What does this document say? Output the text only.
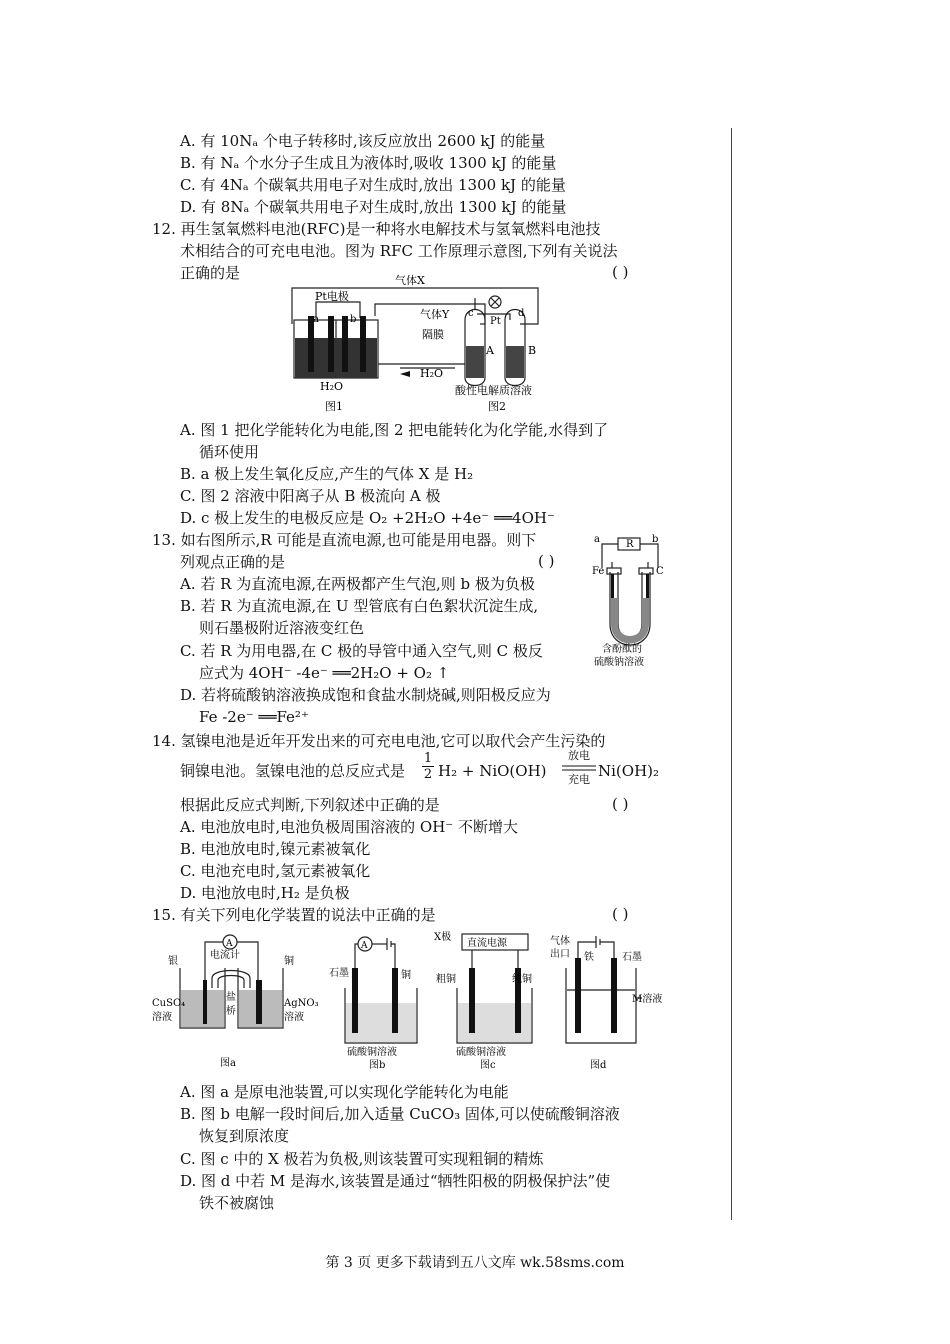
A. 有 10Nₐ 个电子转移时,该反应放出 2600 kJ 的能量
B. 有 Nₐ 个水分子生成且为液体时,吸收 1300 kJ 的能量
C. 有 4Nₐ 个碳氧共用电子对生成时,放出 1300 kJ 的能量
D. 有 8Nₐ 个碳氧共用电子对生成时,放出 1300 kJ 的能量
12. 再生氢氧燃料电池(RFC)是一种将水电解技术与氢氧燃料电池技
术相结合的可充电电池。图为 RFC 工作原理示意图,下列有关说法
正确的是	( )
气体X
Pt电极
a	b	气体Y
隔膜
c	d
Pt
A	B
H₂O
H₂O
酸性电解质溶液
图1	图2
A. 图 1 把化学能转化为电能,图 2 把电能转化为化学能,水得到了
循环使用
B. a 极上发生氧化反应,产生的气体 X 是 H₂
C. 图 2 溶液中阳离子从 B 极流向 A 极
D. c 极上发生的电极反应是 O₂ +2H₂O +4e⁻ ══4OH⁻
13. 如右图所示,R 可能是直流电源,也可能是用电器。则下
列观点正确的是	( )
a	R b
Fe	C
含酚酞的
硫酸钠溶液
A. 若 R 为直流电源,在两极都产生气泡,则 b 极为负极
B. 若 R 为直流电源,在 U 型管底有白色絮状沉淀生成,
则石墨极附近溶液变红色
C. 若 R 为用电器,在 C 极的导管中通入空气,则 C 极反
应式为 4OH⁻ -4e⁻ ══2H₂O + O₂ ↑
D. 若将硫酸钠溶液换成饱和食盐水制烧碱,则阳极反应为
Fe -2e⁻ ══Fe²⁺
14. 氢镍电池是近年开发出来的可充电电池,它可以取代会产生污染的
铜镍电池。氢镍电池的总反应式是
1
2 H₂ + NiO(OH)
放电
充电 Ni(OH)₂
根据此反应式判断,下列叙述中正确的是	( )
A. 电池放电时,电池负极周围溶液的 OH⁻ 不断增大
B. 电池放电时,镍元素被氧化
C. 电池充电时,氢元素被氧化
D. 电池放电时,H₂ 是负极
15. 有关下列电化学装置的说法中正确的是	( )
A
电流计
银	铜
CuSO₄
溶液
盐
桥
AgNO₃
溶液
图a
A
石墨	铜
硫酸铜溶液
图b
X极
直流电源
粗铜	纯铜
硫酸铜溶液
图c
气体
出口 铁	石墨
M溶液
图d
A. 图 a 是原电池装置,可以实现化学能转化为电能
B. 图 b 电解一段时间后,加入适量 CuCO₃ 固体,可以使硫酸铜溶液
恢复到原浓度
C. 图 c 中的 X 极若为负极,则该装置可实现粗铜的精炼
D. 图 d 中若 M 是海水,该装置是通过“牺牲阳极的阴极保护法”使
铁不被腐蚀
第 3 页 更多下载请到五八文库 wk.58sms.com
